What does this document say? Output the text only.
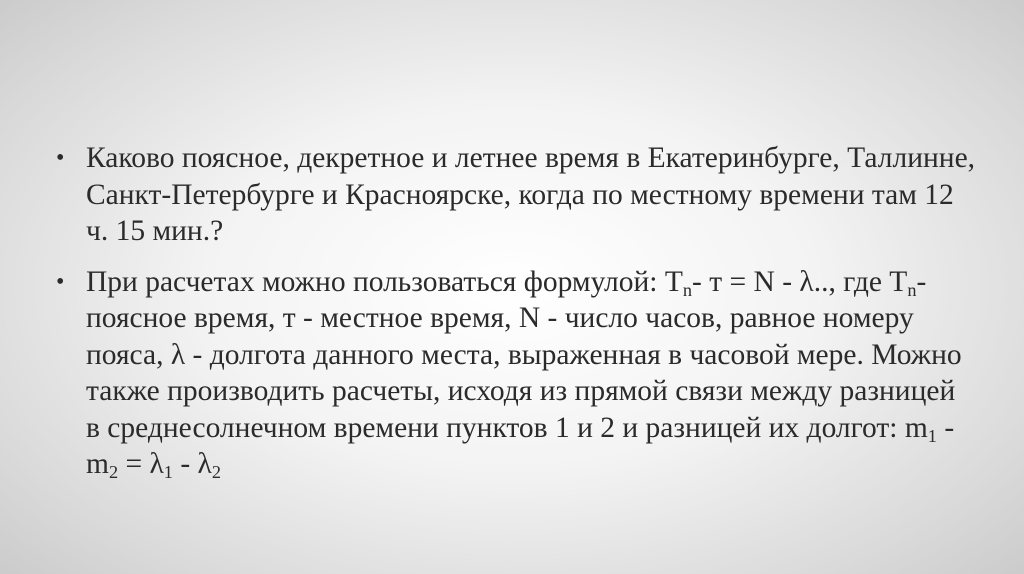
• Каково поясное, декретное и летнее время в Екатеринбурге, Таллинне, Санкт-Петербурге и Красноярске, когда по местному времени там 12 ч. 15 мин.?
• При расчетах можно пользоваться формулой: $T_n-$ т = N - λ.., где $T_n-$ поясное время, т - местное время, N - число часов, равное номеру пояса, λ - долгота данного места, выраженная в часовой мере. Можно также производить расчеты, исходя из прямой связи между разницей в среднесолнечном времени пунктов 1 и 2 и разницей их долгот: $m_1 - m_2 = \lambda_1 - \lambda_2$
